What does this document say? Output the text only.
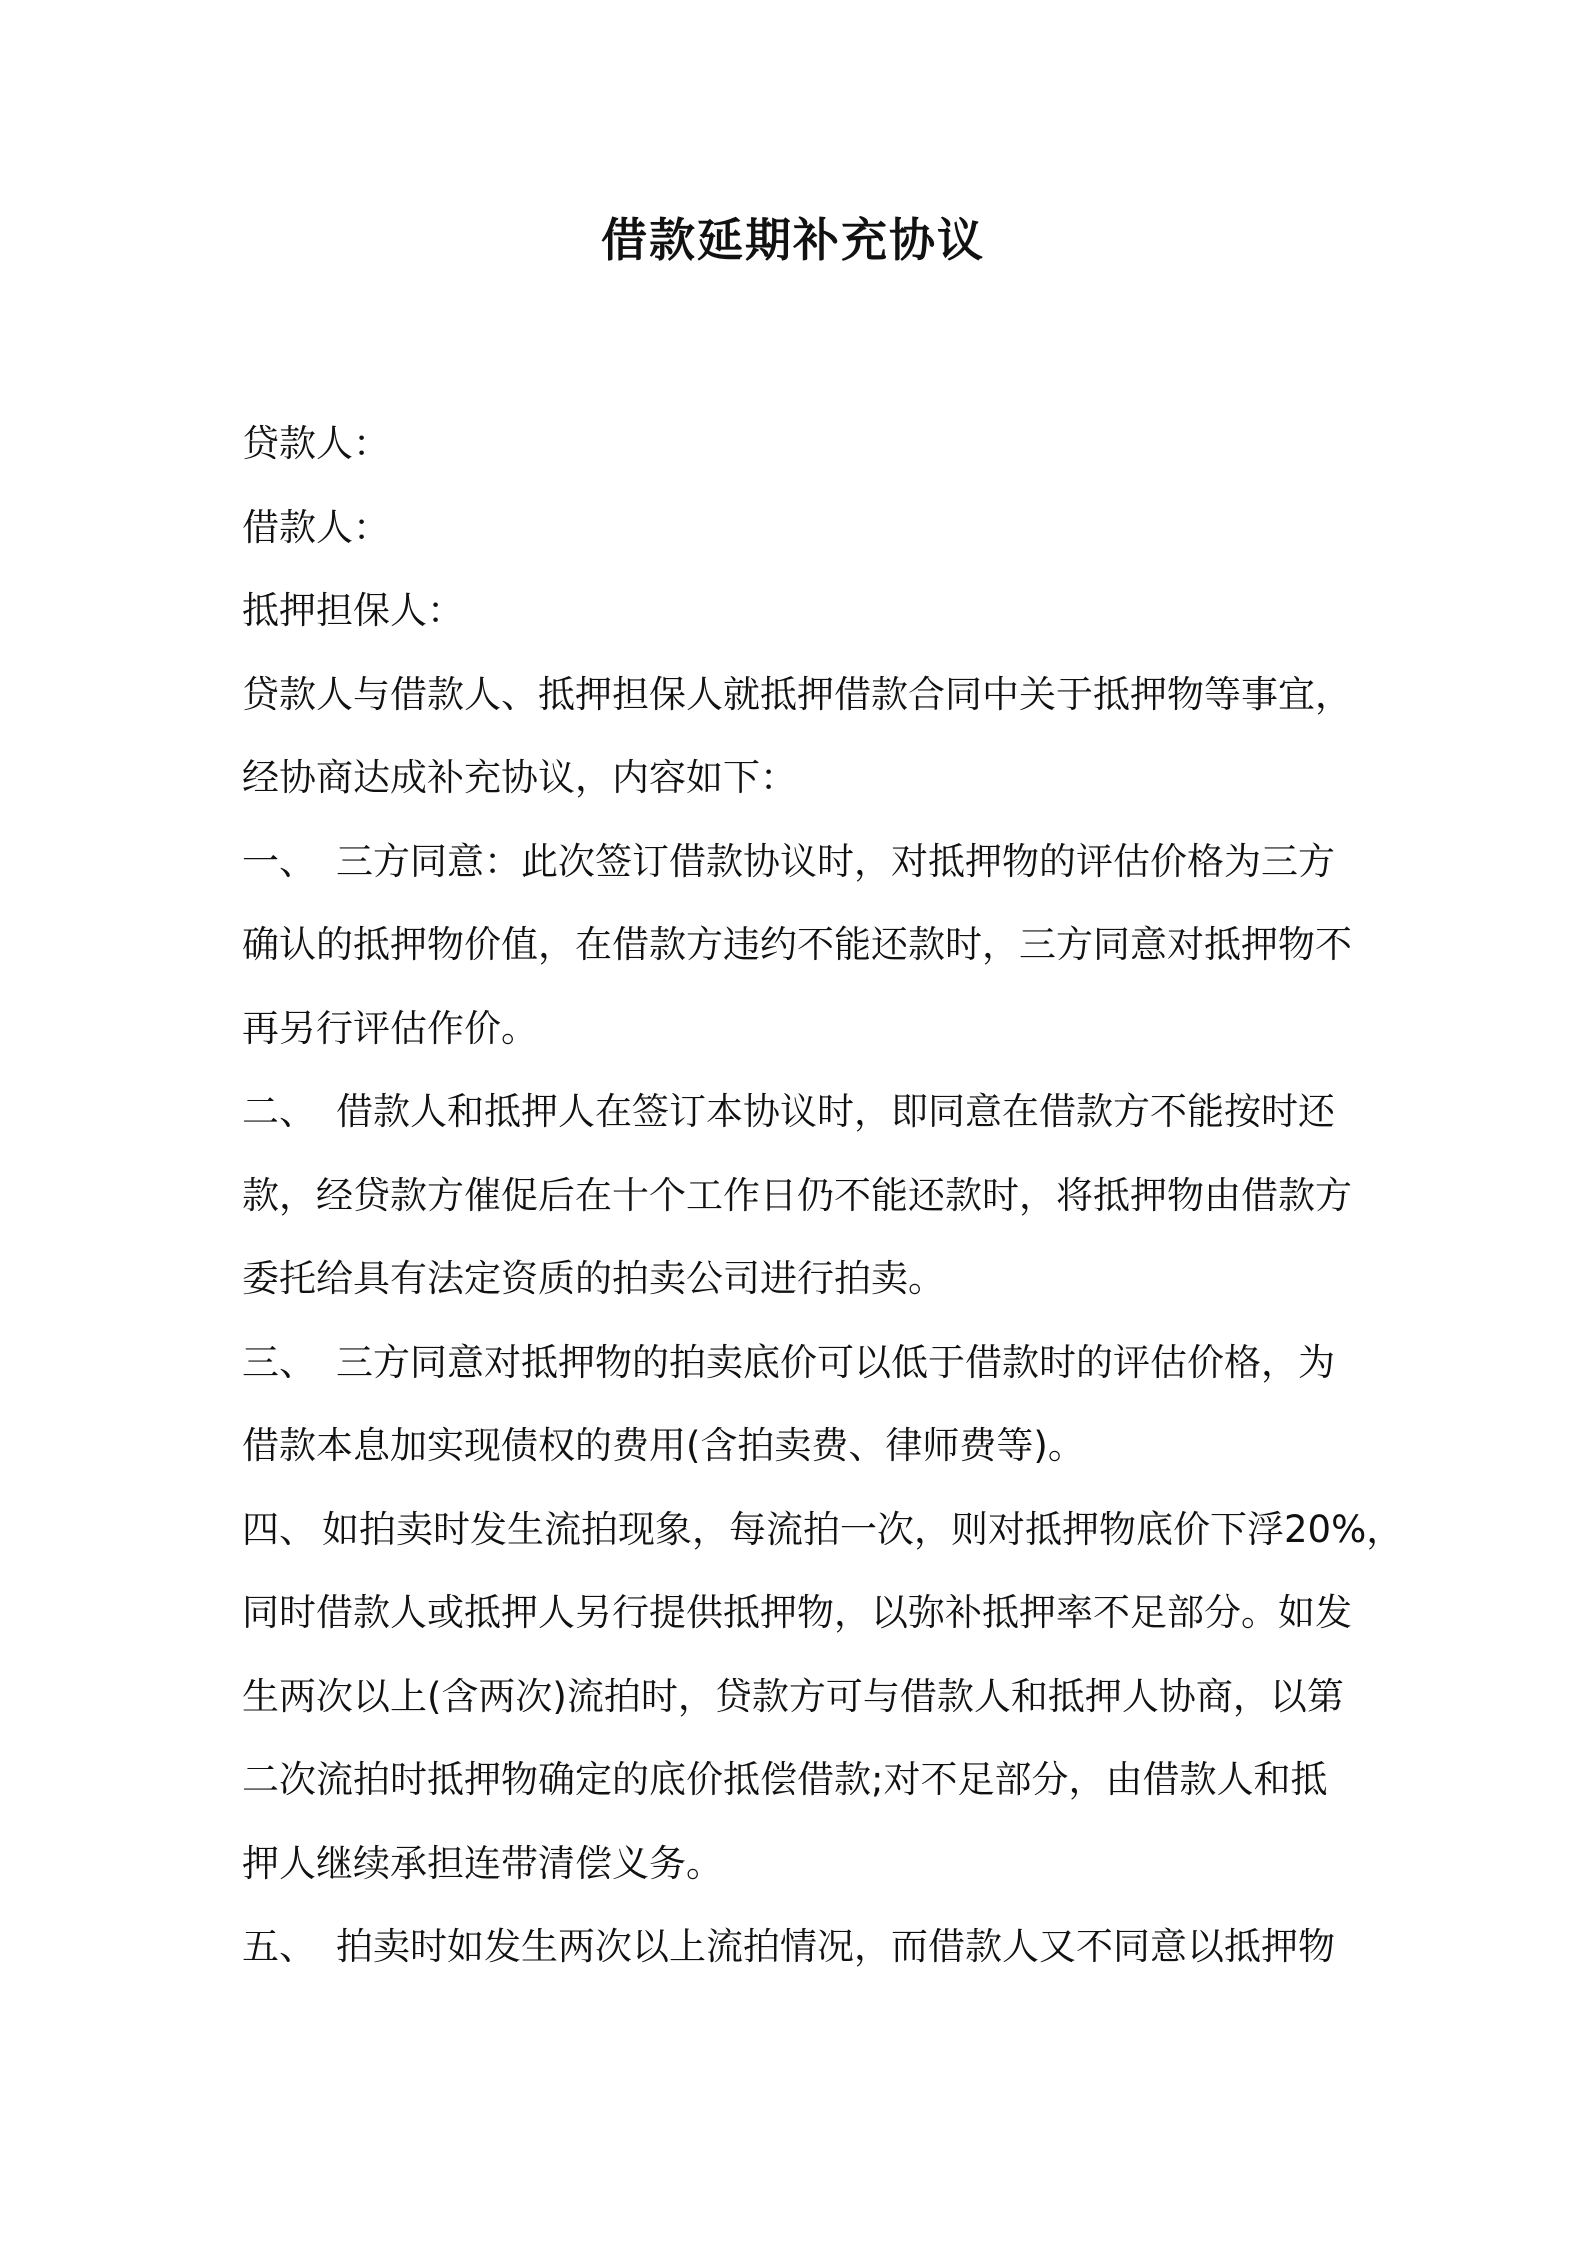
借款延期补充协议
贷款人：
借款人：
抵押担保人：
贷款人与借款人、抵押担保人就抵押借款合同中关于抵押物等事宜，
经协商达成补充协议，内容如下：
一、 三方同意：此次签订借款协议时，对抵押物的评估价格为三方
确认的抵押物价值，在借款方违约不能还款时，三方同意对抵押物不
再另行评估作价。
二、 借款人和抵押人在签订本协议时，即同意在借款方不能按时还
款，经贷款方催促后在十个工作日仍不能还款时，将抵押物由借款方
委托给具有法定资质的拍卖公司进行拍卖。
三、 三方同意对抵押物的拍卖底价可以低于借款时的评估价格，为
借款本息加实现债权的费用(含拍卖费、律师费等)。
四、 如拍卖时发生流拍现象，每流拍一次，则对抵押物底价下浮20%，
同时借款人或抵押人另行提供抵押物，以弥补抵押率不足部分。如发
生两次以上(含两次)流拍时，贷款方可与借款人和抵押人协商，以第
二次流拍时抵押物确定的底价抵偿借款;对不足部分，由借款人和抵
押人继续承担连带清偿义务。
五、 拍卖时如发生两次以上流拍情况，而借款人又不同意以抵押物
